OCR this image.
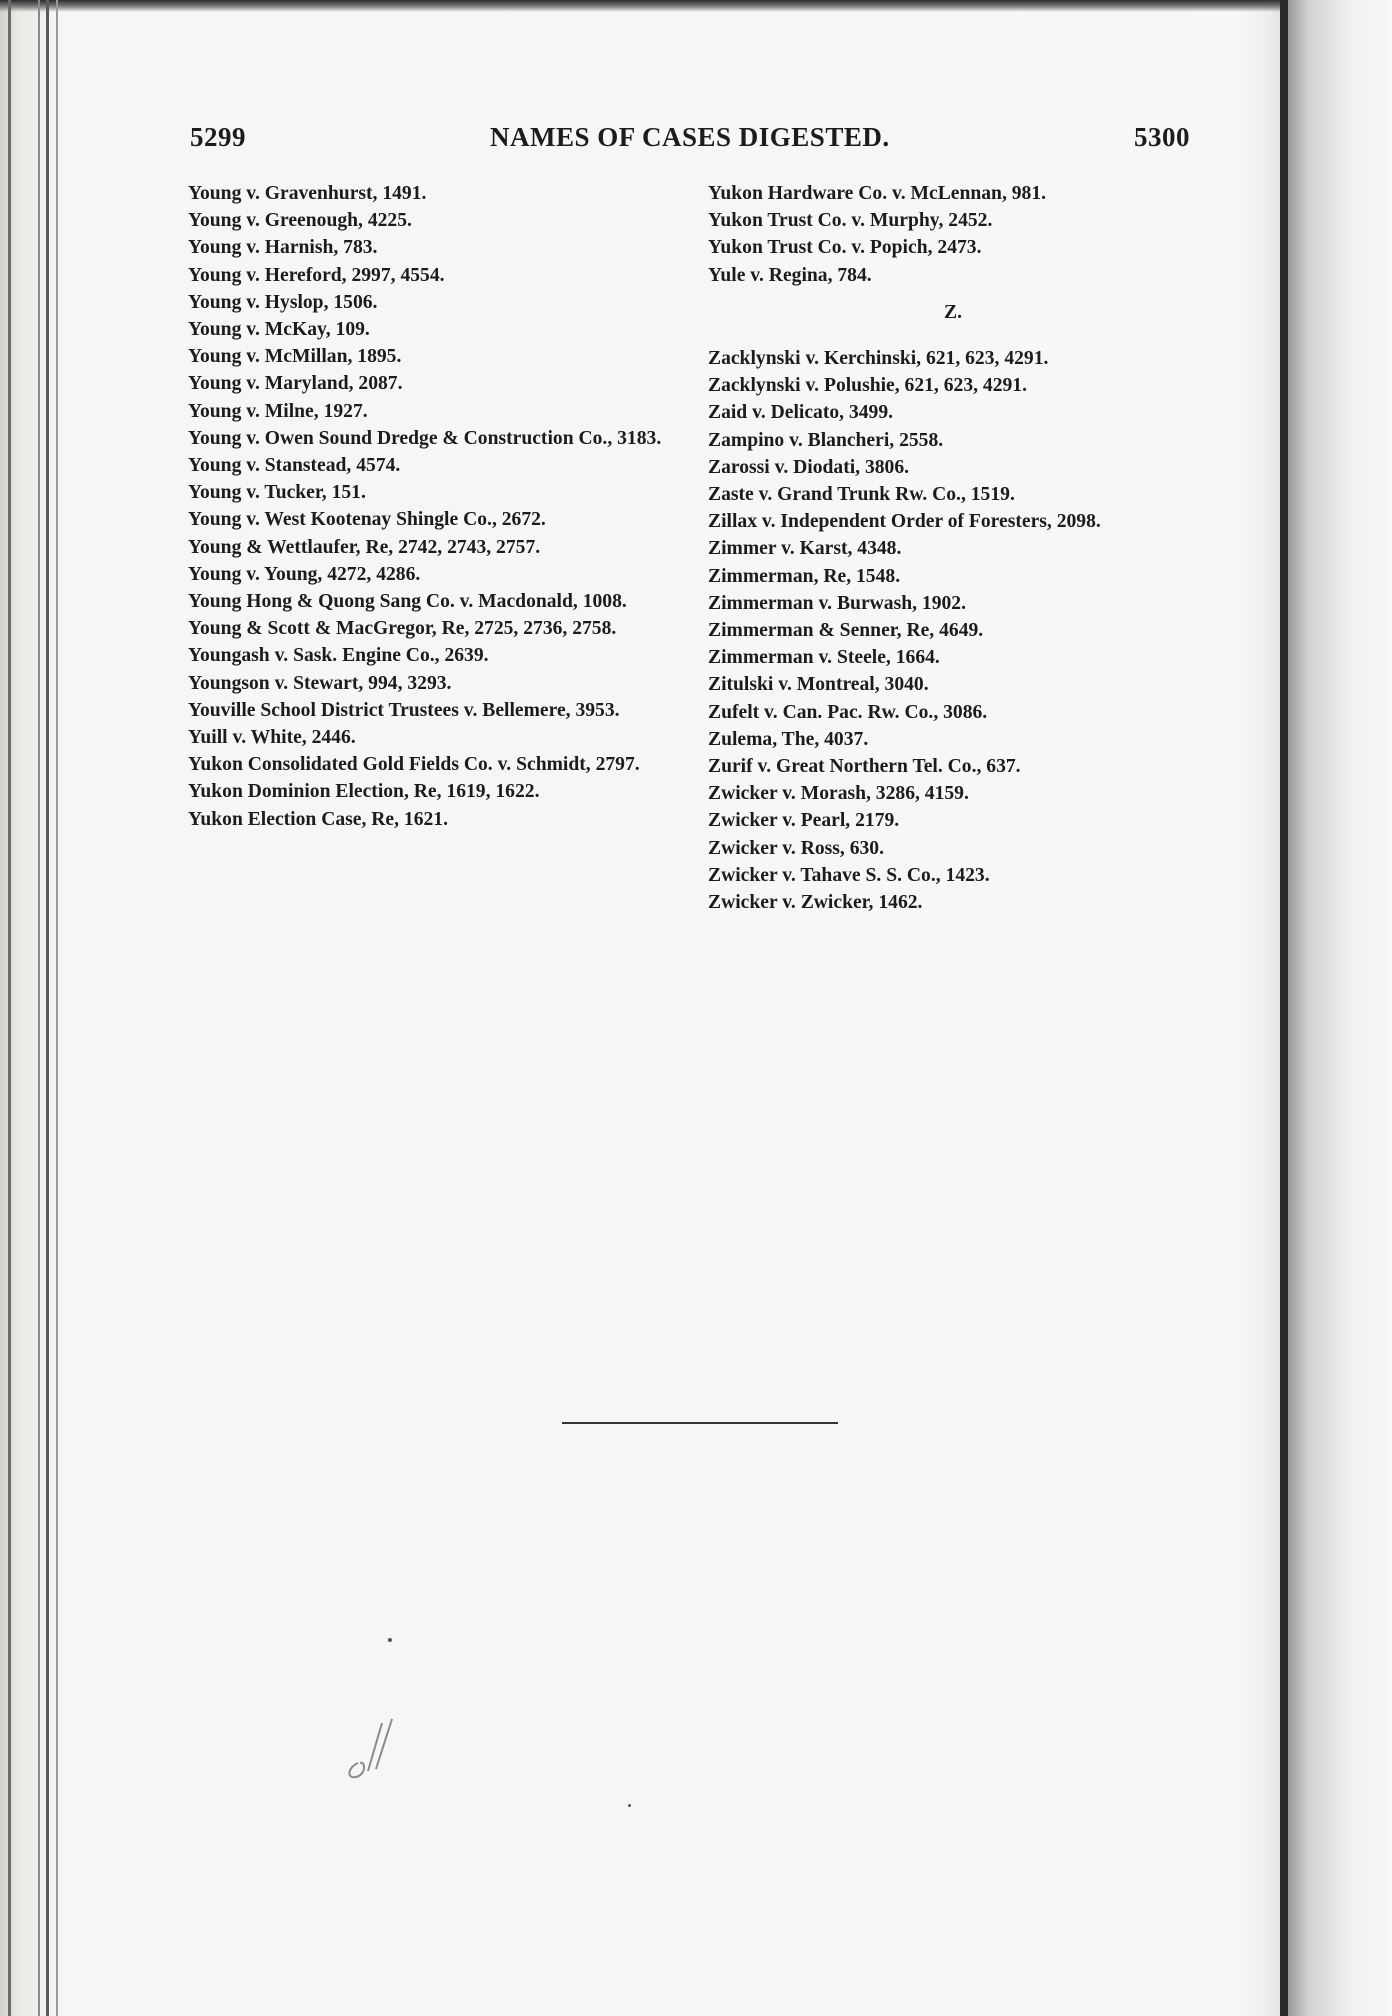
5299	NAMES OF CASES DIGESTED.	5300

Young v. Gravenhurst, 1491.

Young v. Greenough, 4225.

Young v. Harnish, 783.

Young v. Hereford, 2997, 4554.

Young v. Hyslop, 1506.

Young v. McKay, 109.

Young v. McMillan, 1895.

Young v. Maryland, 2087.

Young v. Milne, 1927.

Young v. Owen Sound Dredge & Construction Co., 3183.

Young v. Stanstead, 4574.

Young v. Tucker, 151.

Young v. West Kootenay Shingle Co., 2672.

Young & Wettlaufer, Re, 2742, 2743, 2757.

Young v. Young, 4272, 4286.

Young Hong & Quong Sang Co. v. Macdonald, 1008.

Young & Scott & MacGregor, Re, 2725, 2736, 2758.

Youngash v. Sask. Engine Co., 2639.

Youngson v. Stewart, 994, 3293.

Youville School District Trustees v. Bellemere, 3953.

Yuill v. White, 2446.

Yukon Consolidated Gold Fields Co. v. Schmidt, 2797.

Yukon Dominion Election, Re, 1619, 1622.

Yukon Election Case, Re, 1621.

Yukon Hardware Co. v. McLennan, 981.

Yukon Trust Co. v. Murphy, 2452.

Yukon Trust Co. v. Popich, 2473.

Yule v. Regina, 784.

Z.

Zacklynski v. Kerchinski, 621, 623, 4291.

Zacklynski v. Polushie, 621, 623, 4291.

Zaid v. Delicato, 3499.

Zampino v. Blancheri, 2558.

Zarossi v. Diodati, 3806.

Zaste v. Grand Trunk Rw. Co., 1519.

Zillax v. Independent Order of Foresters, 2098.

Zimmer v. Karst, 4348.

Zimmerman, Re, 1548.

Zimmerman v. Burwash, 1902.

Zimmerman & Senner, Re, 4649.

Zimmerman v. Steele, 1664.

Zitulski v. Montreal, 3040.

Zufelt v. Can. Pac. Rw. Co., 3086.

Zulema, The, 4037.

Zurif v. Great Northern Tel. Co., 637.

Zwicker v. Morash, 3286, 4159.

Zwicker v. Pearl, 2179.

Zwicker v. Ross, 630.

Zwicker v. Tahave S. S. Co., 1423.

Zwicker v. Zwicker, 1462.
